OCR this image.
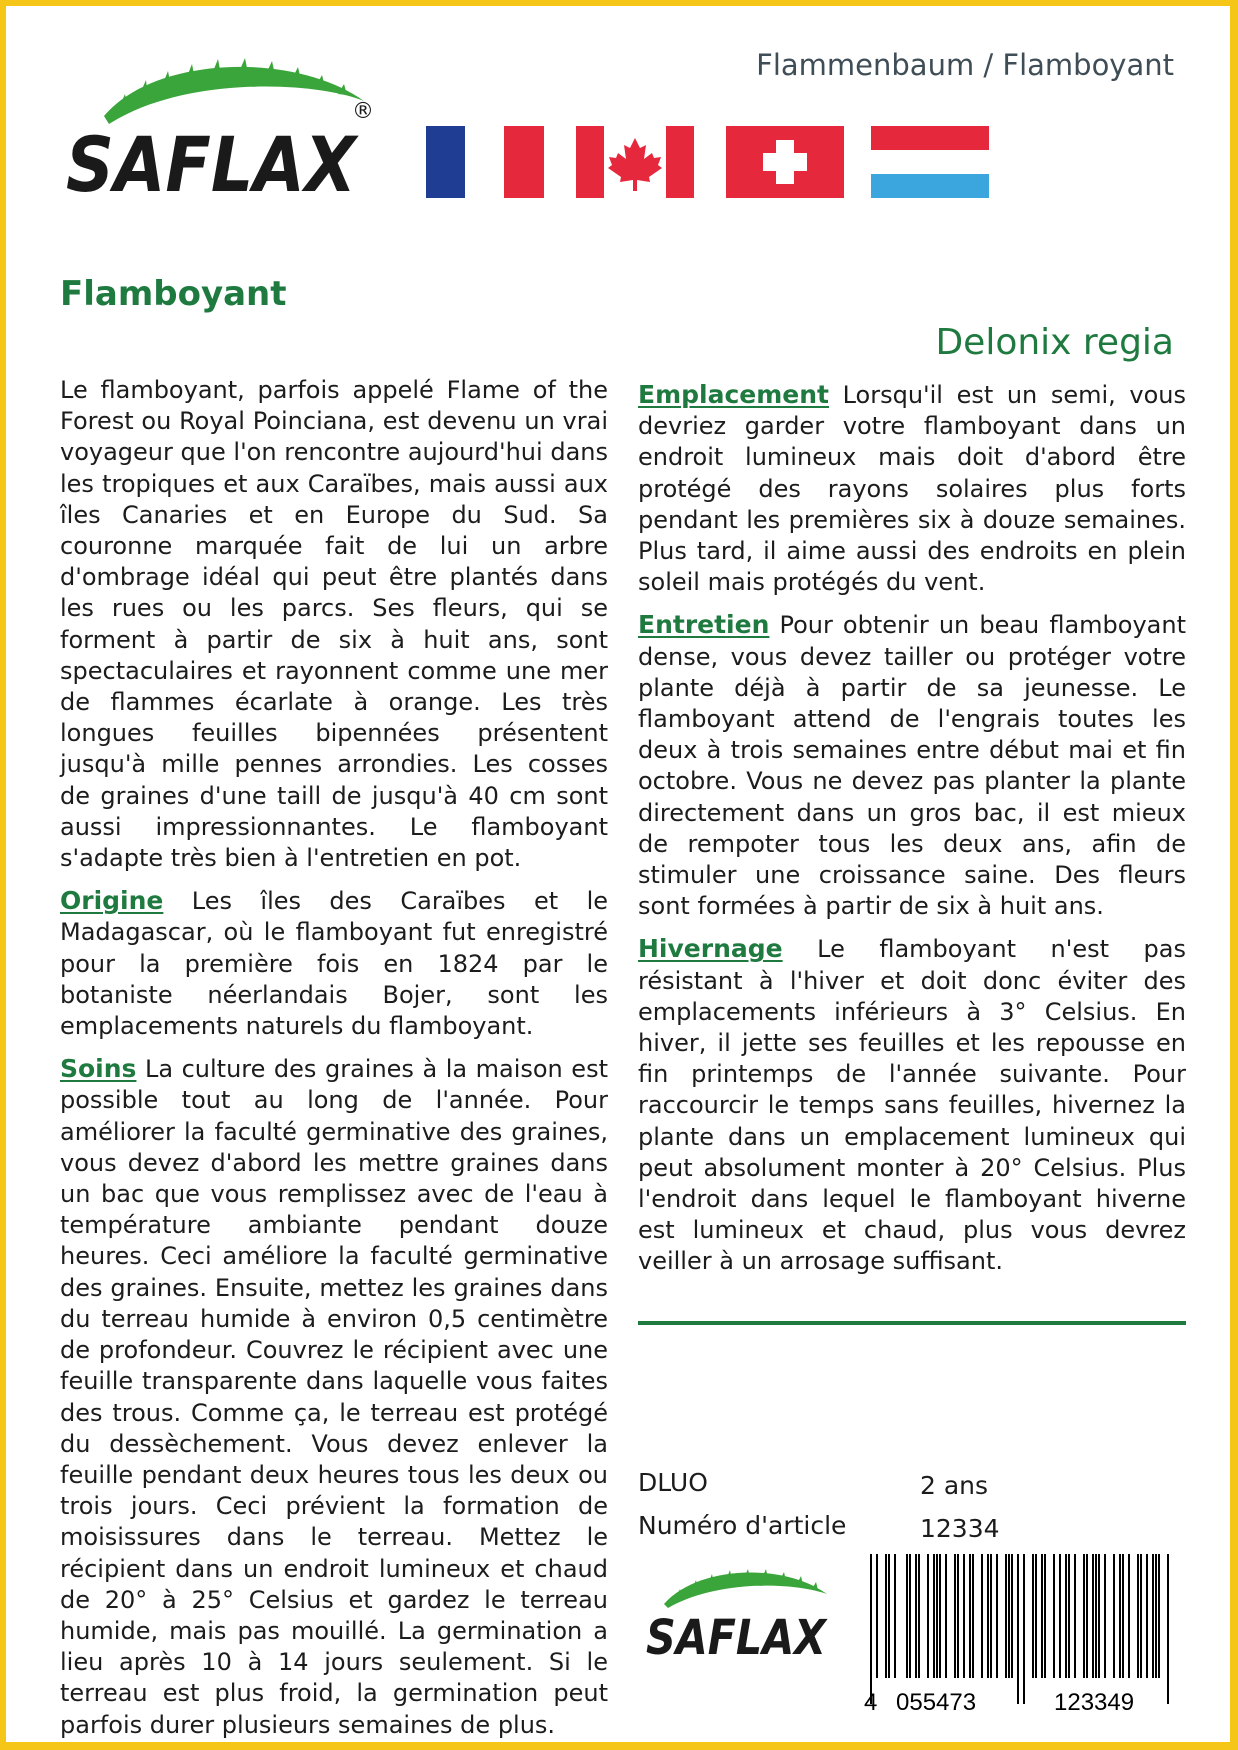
SAFLAX
®
Flammenbaum / Flamboyant
Flamboyant
Delonix regia

Le flamboyant, parfois appelé Flame of the Forest ou Royal Poinciana, est devenu un vrai voyageur que l'on rencontre aujourd'hui dans les tropiques et aux Caraïbes, mais aussi aux îles Canaries et en Europe du Sud. Sa couronne marquée fait de lui un arbre d'ombrage idéal qui peut être plantés dans les rues ou les parcs. Ses fleurs, qui se forment à partir de six à huit ans, sont spectaculaires et rayonnent comme une mer de flammes écarlate à orange. Les très longues feuilles bipennées présentent jusqu'à mille pennes arrondies. Les cosses de graines d'une taill de jusqu'à 40 cm sont aussi impressionnantes. Le flamboyant s'adapte très bien à l'entretien en pot.

Origine Les îles des Caraïbes et le Madagascar, où le flamboyant fut enregistré pour la première fois en 1824 par le botaniste néerlandais Bojer, sont les emplacements naturels du flamboyant.

Soins La culture des graines à la maison est possible tout au long de l'année. Pour améliorer la faculté germinative des graines, vous devez d'abord les mettre graines dans un bac que vous remplissez avec de l'eau à température ambiante pendant douze heures. Ceci améliore la faculté germinative des graines. Ensuite, mettez les graines dans du terreau humide à environ 0,5 centimètre de profondeur. Couvrez le récipient avec une feuille transparente dans laquelle vous faites des trous. Comme ça, le terreau est protégé du dessèchement. Vous devez enlever la feuille pendant deux heures tous les deux ou trois jours. Ceci prévient la formation de moisissures dans le terreau. Mettez le récipient dans un endroit lumineux et chaud de 20° à 25° Celsius et gardez le terreau humide, mais pas mouillé. La germination a lieu après 10 à 14 jours seulement. Si le terreau est plus froid, la germination peut parfois durer plusieurs semaines de plus.

Emplacement Lorsqu'il est un semi, vous devriez garder votre flamboyant dans un endroit lumineux mais doit d'abord être protégé des rayons solaires plus forts pendant les premières six à douze semaines. Plus tard, il aime aussi des endroits en plein soleil mais protégés du vent.

Entretien Pour obtenir un beau flamboyant dense, vous devez tailler ou protéger votre plante déjà à partir de sa jeunesse. Le flamboyant attend de l'engrais toutes les deux à trois semaines entre début mai et fin octobre. Vous ne devez pas planter la plante directement dans un gros bac, il est mieux de rempoter tous les deux ans, afin de stimuler une croissance saine. Des fleurs sont formées à partir de six à huit ans.

Hivernage Le flamboyant n'est pas résistant à l'hiver et doit donc éviter des emplacements inférieurs à 3° Celsius. En hiver, il jette ses feuilles et les repousse en fin printemps de l'année suivante. Pour raccourcir le temps sans feuilles, hivernez la plante dans un emplacement lumineux qui peut absolument monter à 20° Celsius. Plus l'endroit dans lequel le flamboyant hiverne est lumineux et chaud, plus vous devrez veiller à un arrosage suffisant.

DLUO	2 ans
Numéro d'article	12334
SAFLAX
4 055473	123349
